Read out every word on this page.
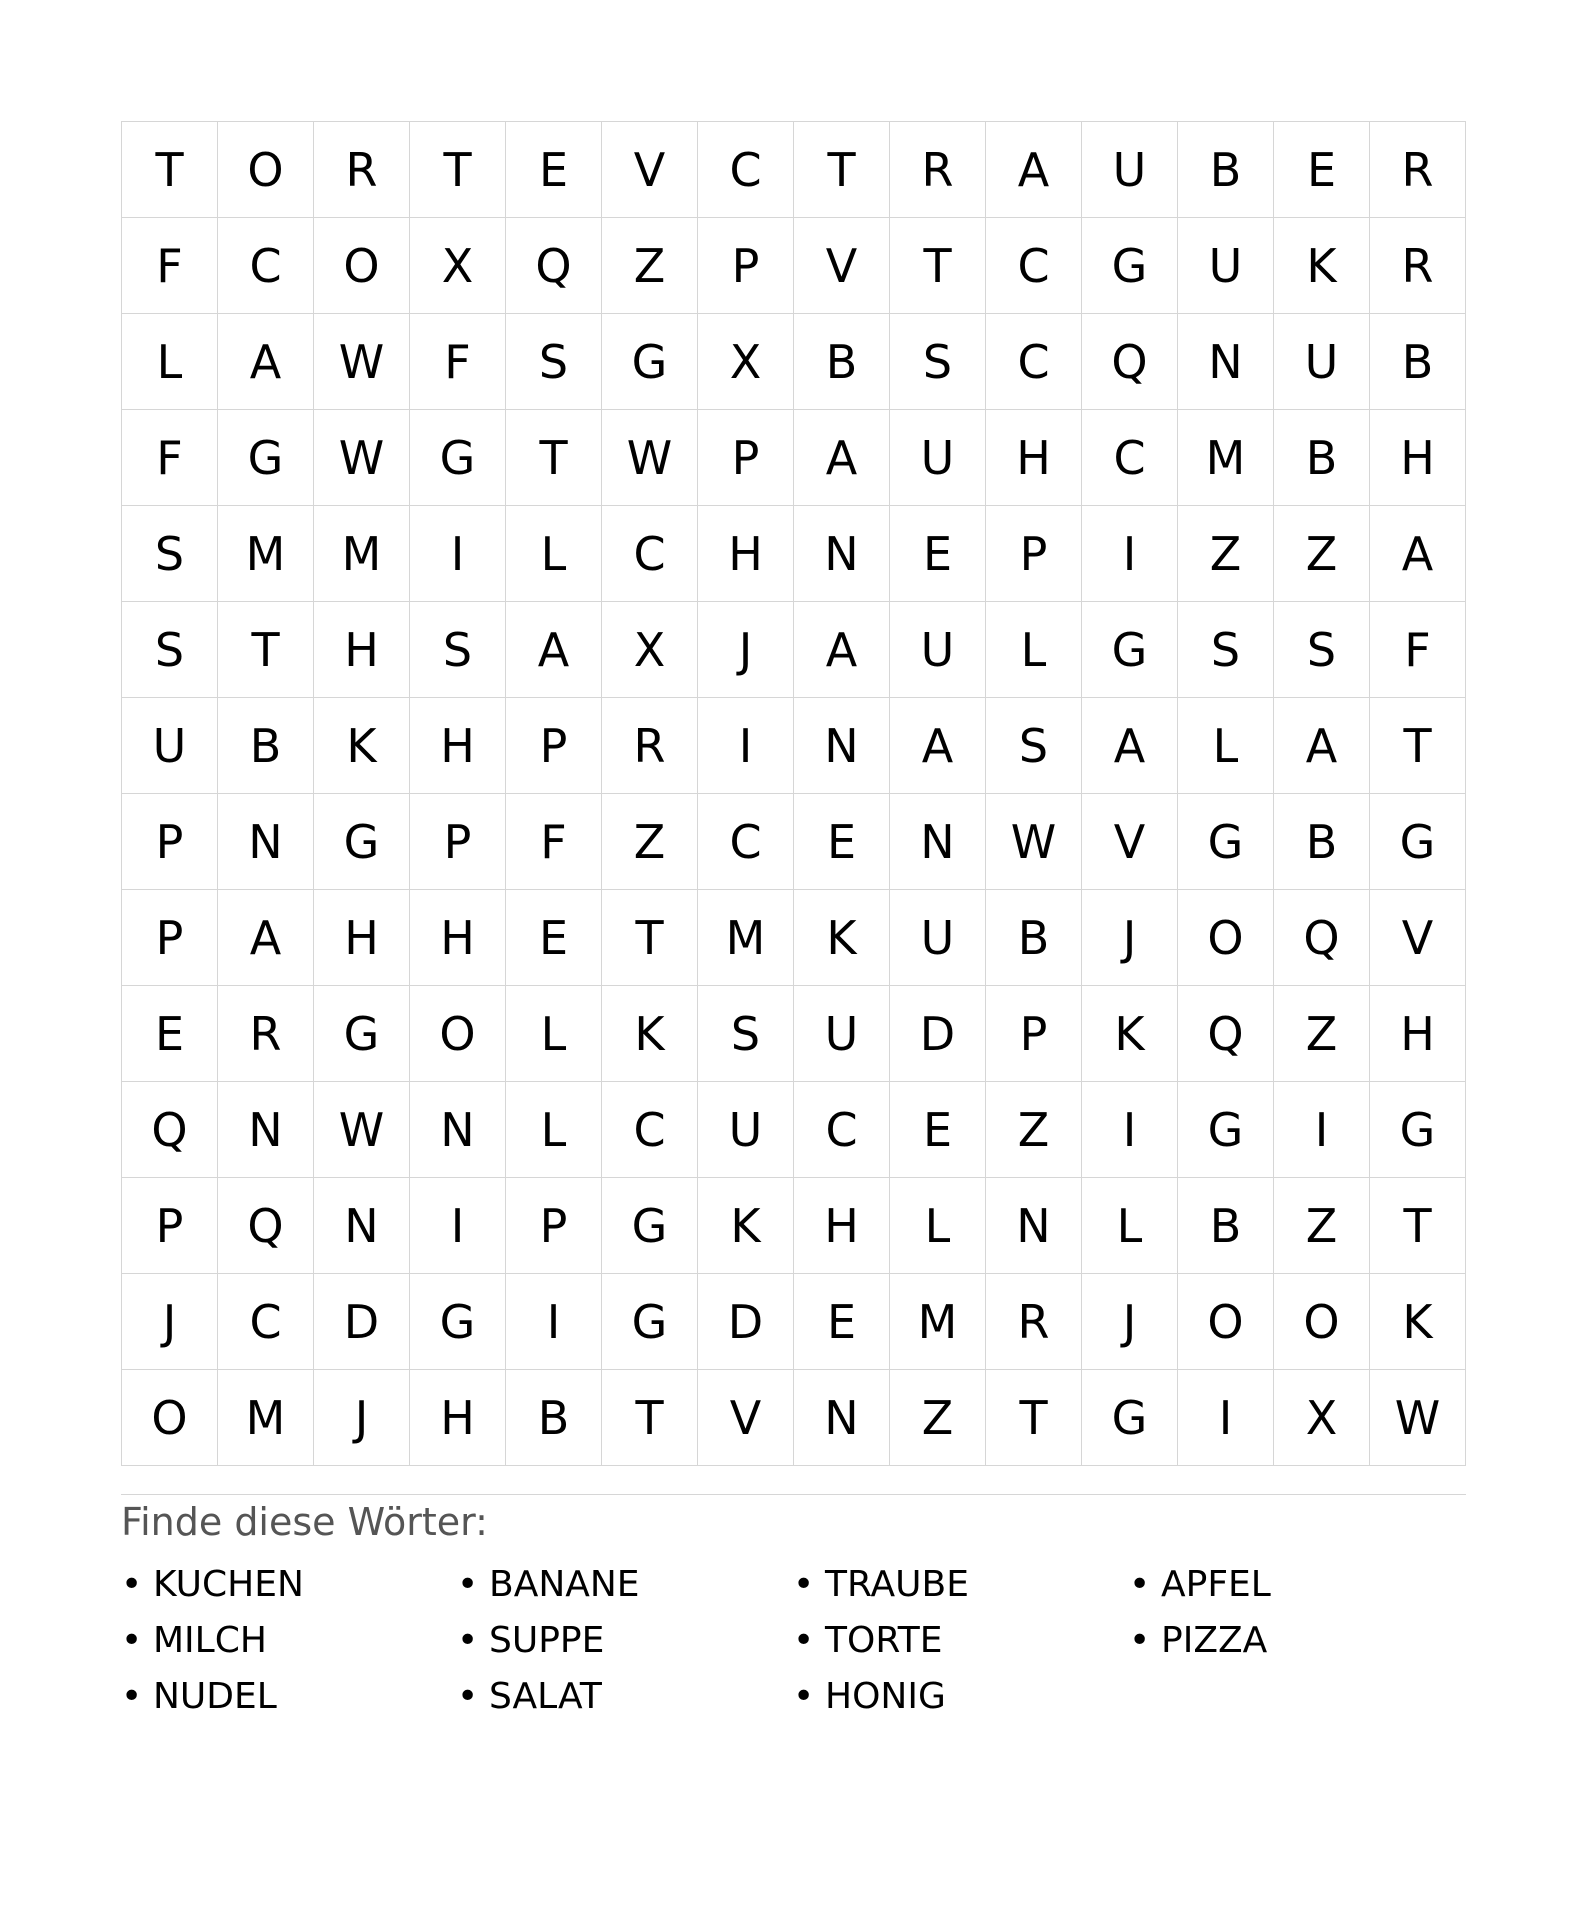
T	O	R	T	E	V	C	T	R	A	U	B	E	R
F	C	O	X	Q	Z	P	V	T	C	G	U	K	R
L	A	W	F	S	G	X	B	S	C	Q	N	U	B
F	G	W	G	T	W	P	A	U	H	C	M	B	H
S	M	M	I	L	C	H	N	E	P	I	Z	Z	A
S	T	H	S	A	X	J	A	U	L	G	S	S	F
U	B	K	H	P	R	I	N	A	S	A	L	A	T
P	N	G	P	F	Z	C	E	N	W	V	G	B	G
P	A	H	H	E	T	M	K	U	B	J	O	Q	V
E	R	G	O	L	K	S	U	D	P	K	Q	Z	H
Q	N	W	N	L	C	U	C	E	Z	I	G	I	G
P	Q	N	I	P	G	K	H	L	N	L	B	Z	T
J	C	D	G	I	G	D	E	M	R	J	O	O	K
O	M	J	H	B	T	V	N	Z	T	G	I	X	W
Finde diese Wörter:
• KUCHEN	• BANANE	• TRAUBE	• APFEL
• MILCH	• SUPPE	• TORTE	• PIZZA
• NUDEL	• SALAT	• HONIG
